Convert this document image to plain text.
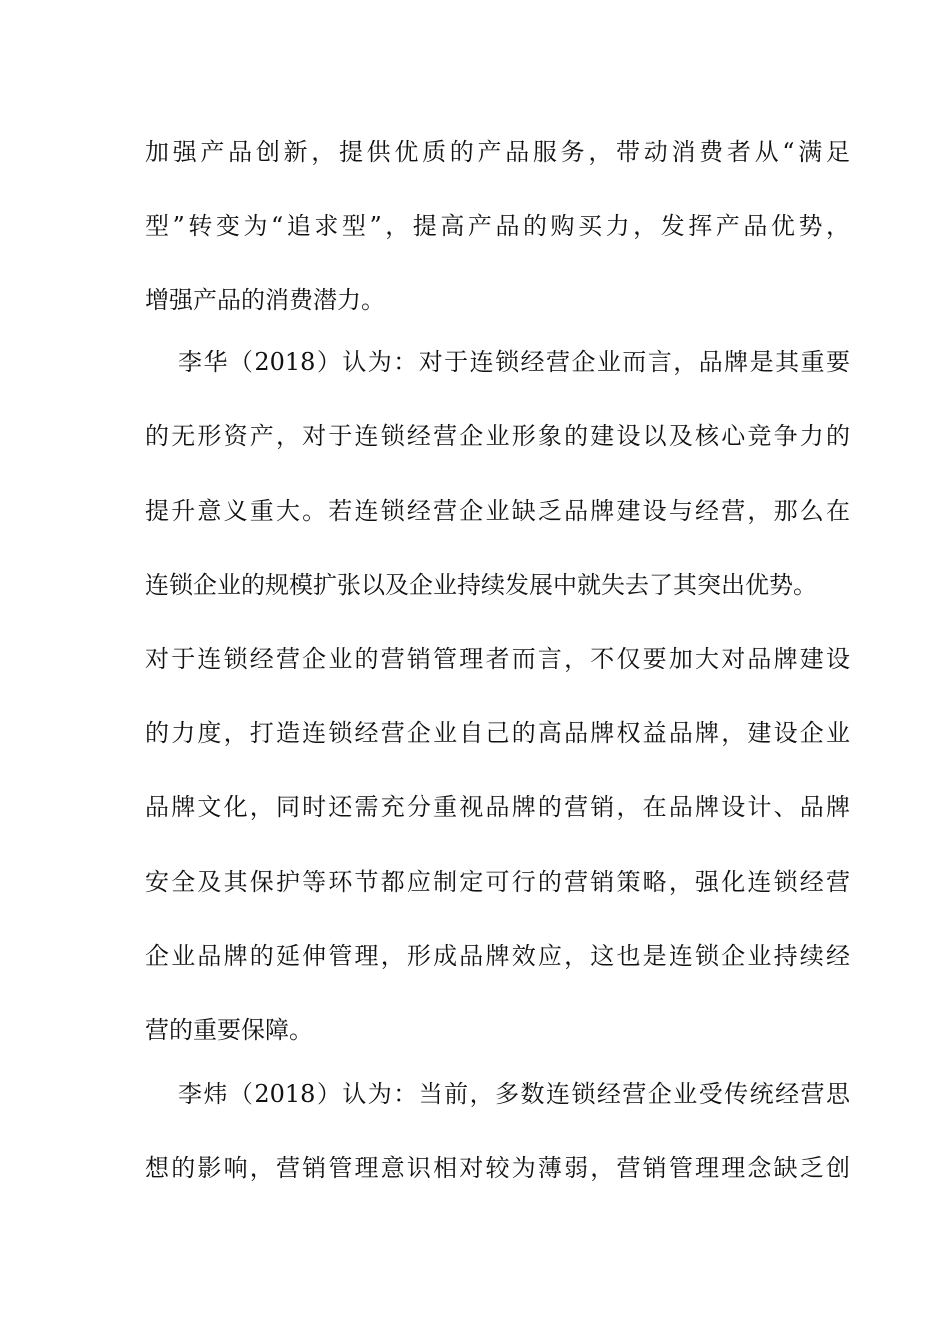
加强产品创新，提供优质的产品服务，带动消费者从“满足
型”转变为“追求型”，提高产品的购买力，发挥产品优势，
增强产品的消费潜力。
李华（2018）认为：对于连锁经营企业而言，品牌是其重要
的无形资产，对于连锁经营企业形象的建设以及核心竞争力的
提升意义重大。若连锁经营企业缺乏品牌建设与经营，那么在
连锁企业的规模扩张以及企业持续发展中就失去了其突出优势。
对于连锁经营企业的营销管理者而言，不仅要加大对品牌建设
的力度，打造连锁经营企业自己的高品牌权益品牌，建设企业
品牌文化，同时还需充分重视品牌的营销，在品牌设计、品牌
安全及其保护等环节都应制定可行的营销策略，强化连锁经营
企业品牌的延伸管理，形成品牌效应，这也是连锁企业持续经
营的重要保障。
李炜（2018）认为：当前，多数连锁经营企业受传统经营思
想的影响，营销管理意识相对较为薄弱，营销管理理念缺乏创
